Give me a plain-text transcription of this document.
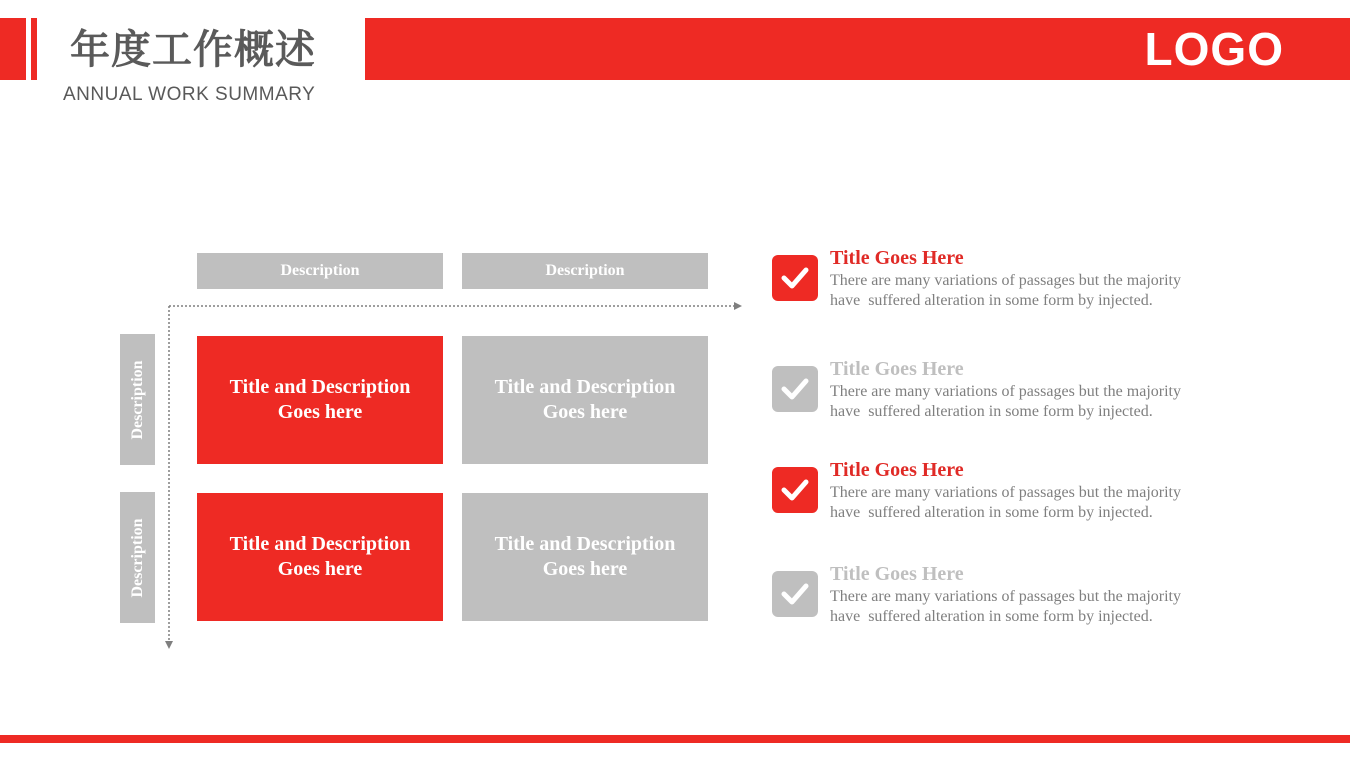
LOGO
年度工作概述
ANNUAL WORK SUMMARY
Description	Description
Description
Description
Title and Description
Goes here
Title and Description
Goes here
Title and Description
Goes here
Title and Description
Goes here
Title Goes Here
There are many variations of passages but the majority
have  suffered alteration in some form by injected.
Title Goes Here
There are many variations of passages but the majority
have  suffered alteration in some form by injected.
Title Goes Here
There are many variations of passages but the majority
have  suffered alteration in some form by injected.
Title Goes Here
There are many variations of passages but the majority
have  suffered alteration in some form by injected.
